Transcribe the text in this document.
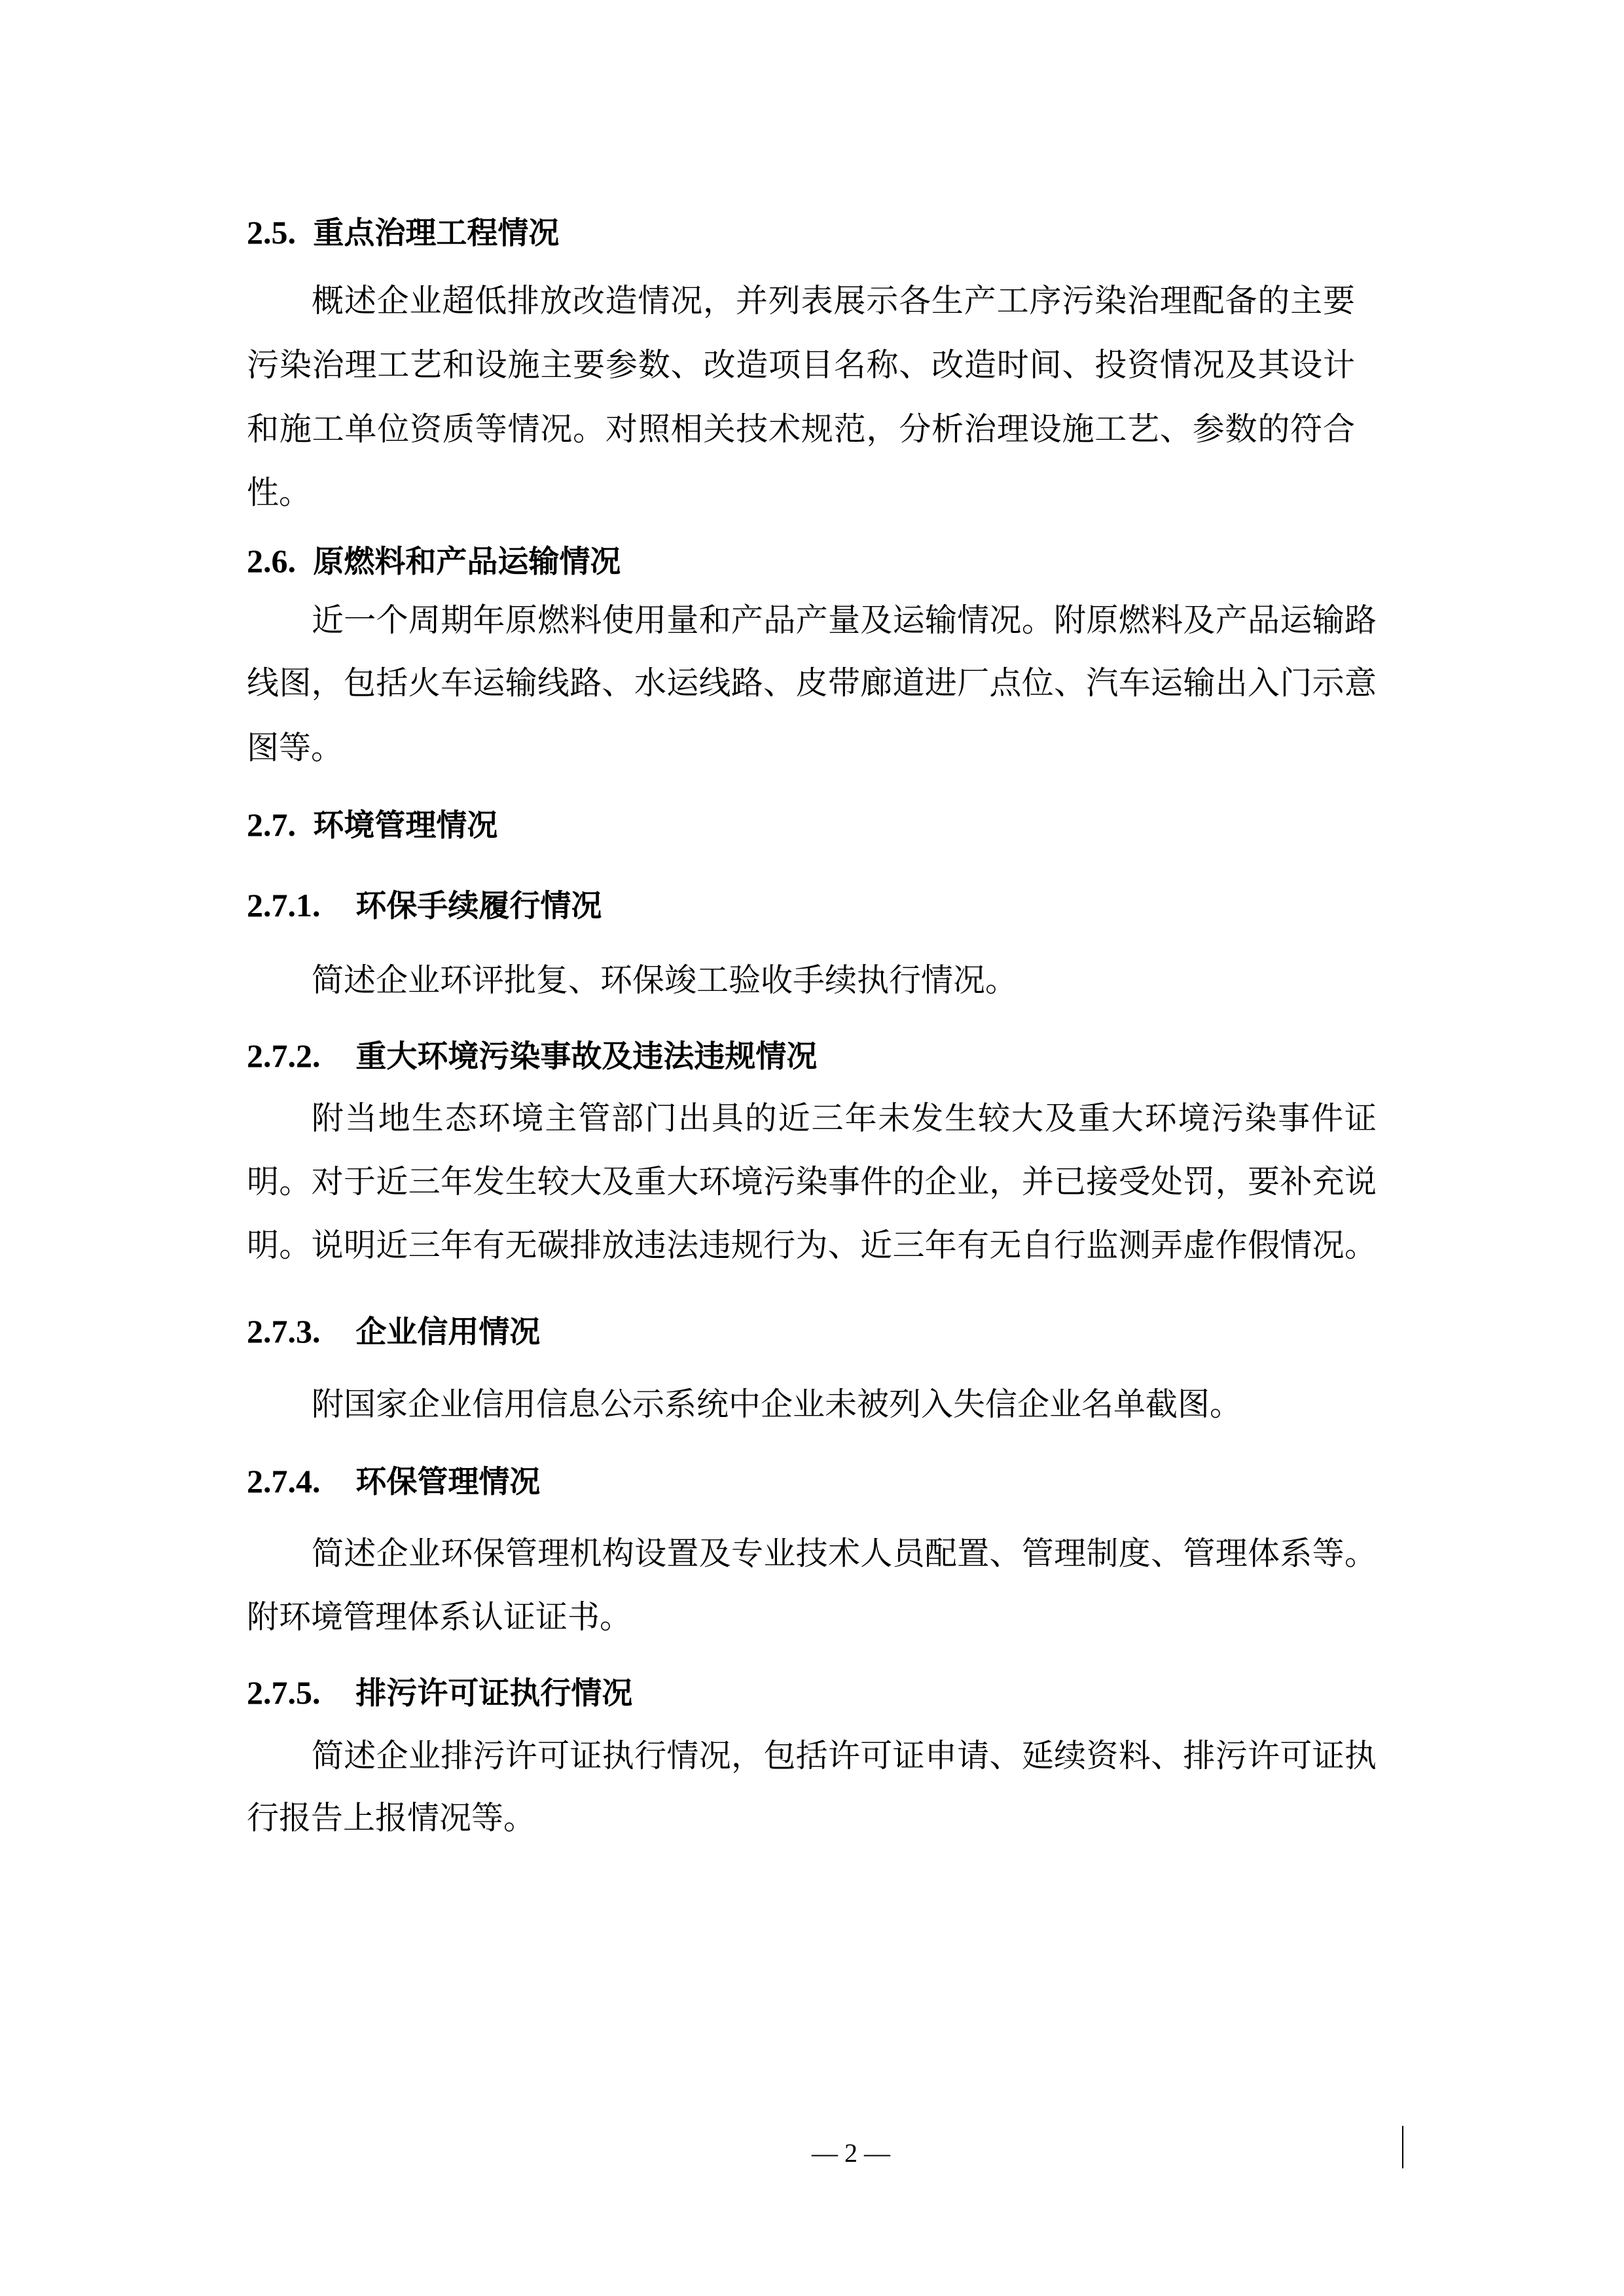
2.5. 重点治理工程情况
概述企业超低排放改造情况，并列表展示各生产工序污染治理配备的主要
污染治理工艺和设施主要参数、改造项目名称、改造时间、投资情况及其设计
和施工单位资质等情况。对照相关技术规范，分析治理设施工艺、参数的符合
性。
2.6. 原燃料和产品运输情况
近一个周期年原燃料使用量和产品产量及运输情况。附原燃料及产品运输路
线图，包括火车运输线路、水运线路、皮带廊道进厂点位、汽车运输出入门示意
图等。
2.7. 环境管理情况
2.7.1. 环保手续履行情况
简述企业环评批复、环保竣工验收手续执行情况。
2.7.2. 重大环境污染事故及违法违规情况
附当地生态环境主管部门出具的近三年未发生较大及重大环境污染事件证
明。对于近三年发生较大及重大环境污染事件的企业，并已接受处罚，要补充说
明。说明近三年有无碳排放违法违规行为、近三年有无自行监测弄虚作假情况。
2.7.3. 企业信用情况
附国家企业信用信息公示系统中企业未被列入失信企业名单截图。
2.7.4. 环保管理情况
简述企业环保管理机构设置及专业技术人员配置、管理制度、管理体系等。
附环境管理体系认证证书。
2.7.5. 排污许可证执行情况
简述企业排污许可证执行情况，包括许可证申请、延续资料、排污许可证执
行报告上报情况等。
— 2 —
